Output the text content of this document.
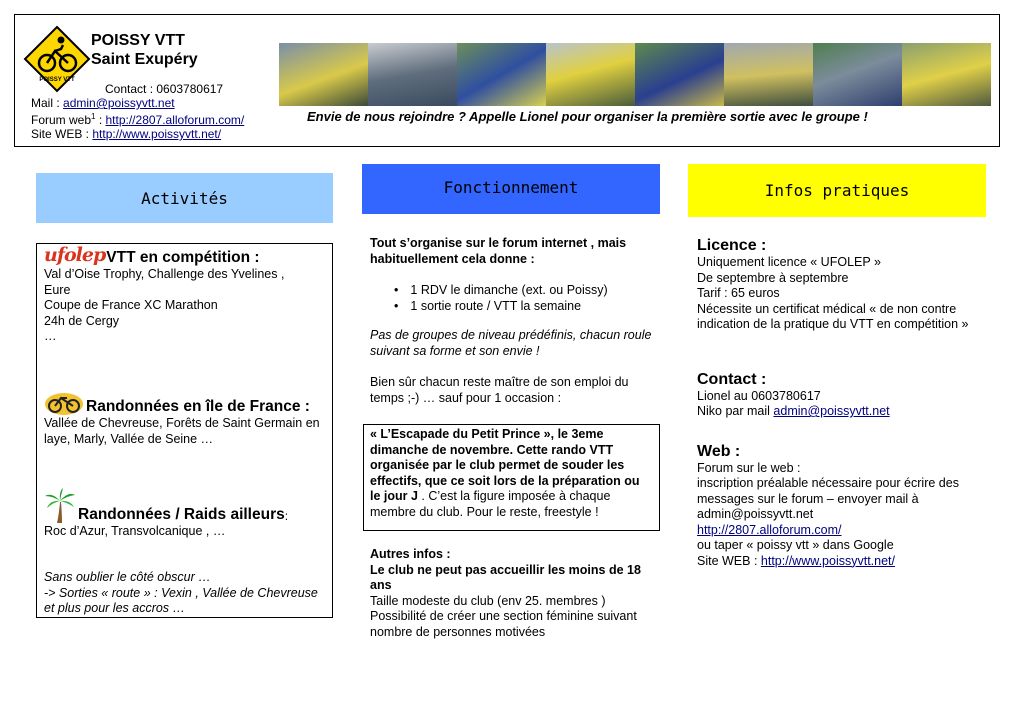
POISSY VTT
POISSY VTT
Saint Exupéry
Contact : 0603780617
Mail : admin@poissyvtt.net
Forum web$^1$ : http://2807.alloforum.com/
Site WEB : http://www.poissyvtt.net/
Envie de nous rejoindre ? Appelle Lionel pour organiser la première sortie avec le groupe !
Activités
Fonctionnement	Infos pratiques
ufolep VTT en compétition :
Val d’Oise Trophy, Challenge des Yvelines ,
Eure
Coupe de France XC Marathon
24h de Cergy
…
Randonnées en île de France :
Vallée de Chevreuse, Forêts de Saint Germain en laye, Marly, Vallée de Seine …
Randonnées / Raids ailleurs :
Roc d’Azur, Transvolcanique , …
Sans oublier le côté obscur …
-> Sorties « route » : Vexin , Vallée de Chevreuse et plus pour les accros …
Tout s’organise sur le forum internet , mais habituellement cela donne :
• 1 RDV le dimanche (ext. ou Poissy)
• 1 sortie route / VTT la semaine
Pas de groupes de niveau prédéfinis, chacun roule suivant sa forme et son envie !
Bien sûr chacun reste maître de son emploi du temps ;-) … sauf pour 1 occasion :
« L’Escapade du Petit Prince », le 3eme dimanche de novembre. Cette rando VTT organisée par le club permet de souder les effectifs, que ce soit lors de la préparation ou le jour J . C’est la figure imposée à chaque membre du club. Pour le reste, freestyle !
Autres infos :
Le club ne peut pas accueillir les moins de 18 ans
Taille modeste du club (env 25. membres )
Possibilité de créer une section féminine suivant nombre de personnes motivées
Licence :
Uniquement licence « UFOLEP »
De septembre à septembre
Tarif : 65 euros
Nécessite un certificat médical « de non contre indication de la pratique du VTT en compétition »
Contact :
Lionel au 0603780617
Niko par mail admin@poissyvtt.net
Web :
Forum sur le web :
inscription préalable nécessaire pour écrire des messages sur le forum – envoyer mail à admin@poissyvtt.net
http://2807.alloforum.com/
ou taper « poissy vtt » dans Google
Site WEB : http://www.poissyvtt.net/
